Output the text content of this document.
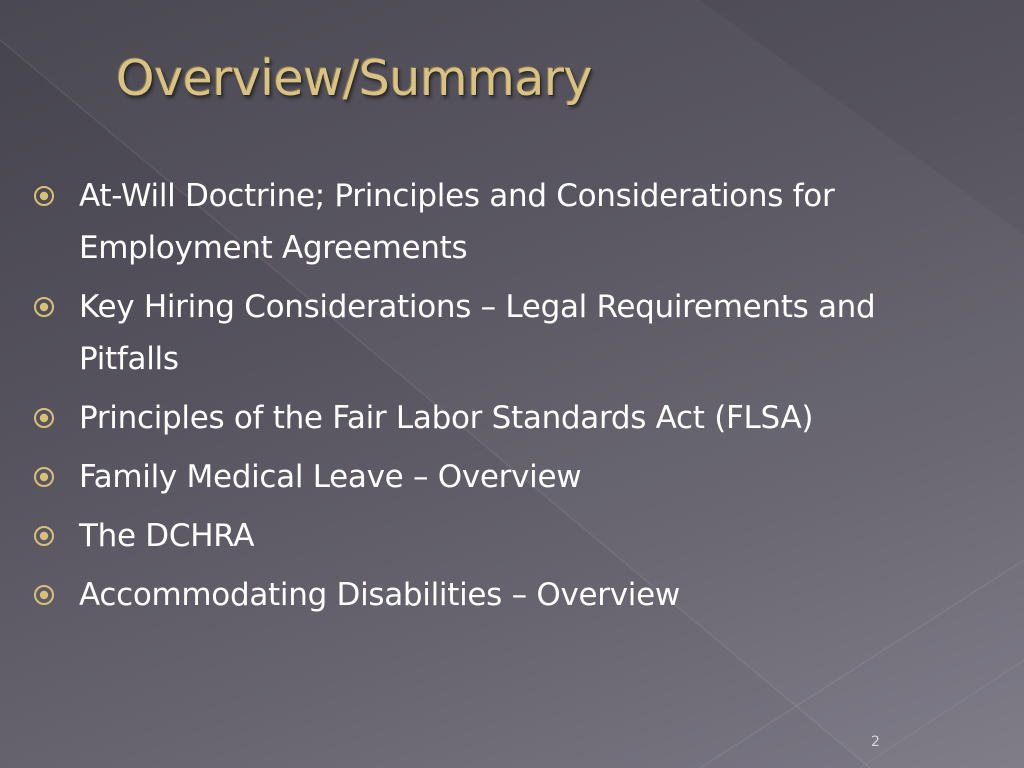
Overview/Summary
At-Will Doctrine; Principles and Considerations for Employment Agreements
Key Hiring Considerations – Legal Requirements and Pitfalls
Principles of the Fair Labor Standards Act (FLSA)
Family Medical Leave – Overview
The DCHRA
Accommodating Disabilities – Overview
2
